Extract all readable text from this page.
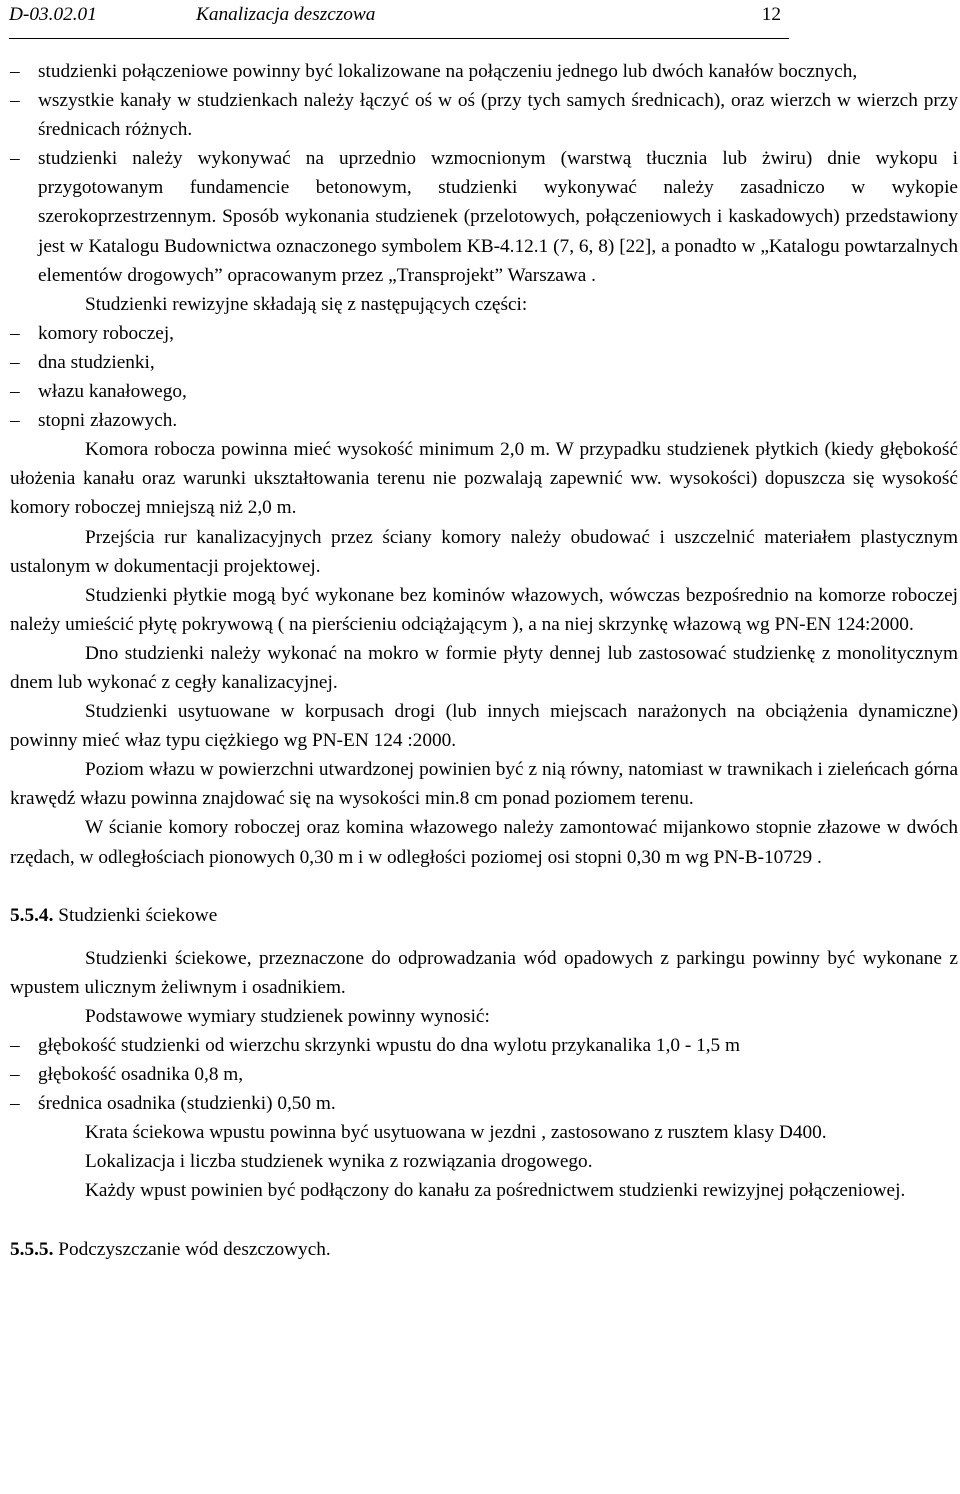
D-03.02.01	Kanalizacja deszczowa	12
– studzienki połączeniowe powinny być lokalizowane na połączeniu jednego lub dwóch kanałów bocznych,
– wszystkie kanały w studzienkach należy łączyć oś w oś (przy tych samych średnicach), oraz wierzch w wierzch przy średnicach różnych.
– studzienki należy wykonywać na uprzednio wzmocnionym (warstwą tłucznia lub żwiru) dnie wykopu i przygotowanym fundamencie betonowym, studzienki wykonywać należy zasadniczo w wykopie szerokoprzestrzennym. Sposób wykonania studzienek (przelotowych, połączeniowych i kaskadowych) przedstawiony jest w Katalogu Budownictwa oznaczonego symbolem KB-4.12.1 (7, 6, 8) [22], a ponadto w „Katalogu powtarzalnych elementów drogowych” opracowanym przez „Transprojekt” Warszawa .

Studzienki rewizyjne składają się z następujących części:

– komory roboczej,
– dna studzienki,
– włazu kanałowego,
– stopni złazowych.

Komora robocza powinna mieć wysokość minimum 2,0 m. W przypadku studzienek płytkich (kiedy głębokość ułożenia kanału oraz warunki ukształtowania terenu nie pozwalają zapewnić ww. wysokości) dopuszcza się wysokość komory roboczej mniejszą niż 2,0 m.

Przejścia rur kanalizacyjnych przez ściany komory należy obudować i uszczelnić materiałem plastycznym ustalonym w dokumentacji projektowej.

Studzienki płytkie mogą być wykonane bez kominów włazowych, wówczas bezpośrednio na komorze roboczej należy umieścić płytę pokrywową ( na pierścieniu odciążającym ), a na niej skrzynkę włazową wg PN-EN 124:2000.

Dno studzienki należy wykonać na mokro w formie płyty dennej lub zastosować studzienkę z monolitycznym dnem lub wykonać z cegły kanalizacyjnej.

Studzienki usytuowane w korpusach drogi (lub innych miejscach narażonych na obciążenia dynamiczne) powinny mieć właz typu ciężkiego wg PN-EN 124 :2000.

Poziom włazu w powierzchni utwardzonej powinien być z nią równy, natomiast w trawnikach i zieleńcach górna krawędź włazu powinna znajdować się na wysokości min.8 cm ponad poziomem terenu.

W ścianie komory roboczej oraz komina włazowego należy zamontować mijankowo stopnie złazowe w dwóch rzędach, w odległościach pionowych 0,30 m i w odległości poziomej osi stopni 0,30 m wg PN-B-10729 .

5.5.4. Studzienki ściekowe

Studzienki ściekowe, przeznaczone do odprowadzania wód opadowych z parkingu powinny być wykonane z wpustem ulicznym żeliwnym i osadnikiem.

Podstawowe wymiary studzienek powinny wynosić:

– głębokość studzienki od wierzchu skrzynki wpustu do dna wylotu przykanalika 1,0 - 1,5 m
– głębokość osadnika 0,8 m,
– średnica osadnika (studzienki) 0,50 m.

Krata ściekowa wpustu powinna być usytuowana w jezdni , zastosowano z rusztem klasy D400.

Lokalizacja i liczba studzienek wynika z rozwiązania drogowego.

Każdy wpust powinien być podłączony do kanału za pośrednictwem studzienki rewizyjnej połączeniowej.

5.5.5. Podczyszczanie wód deszczowych.
